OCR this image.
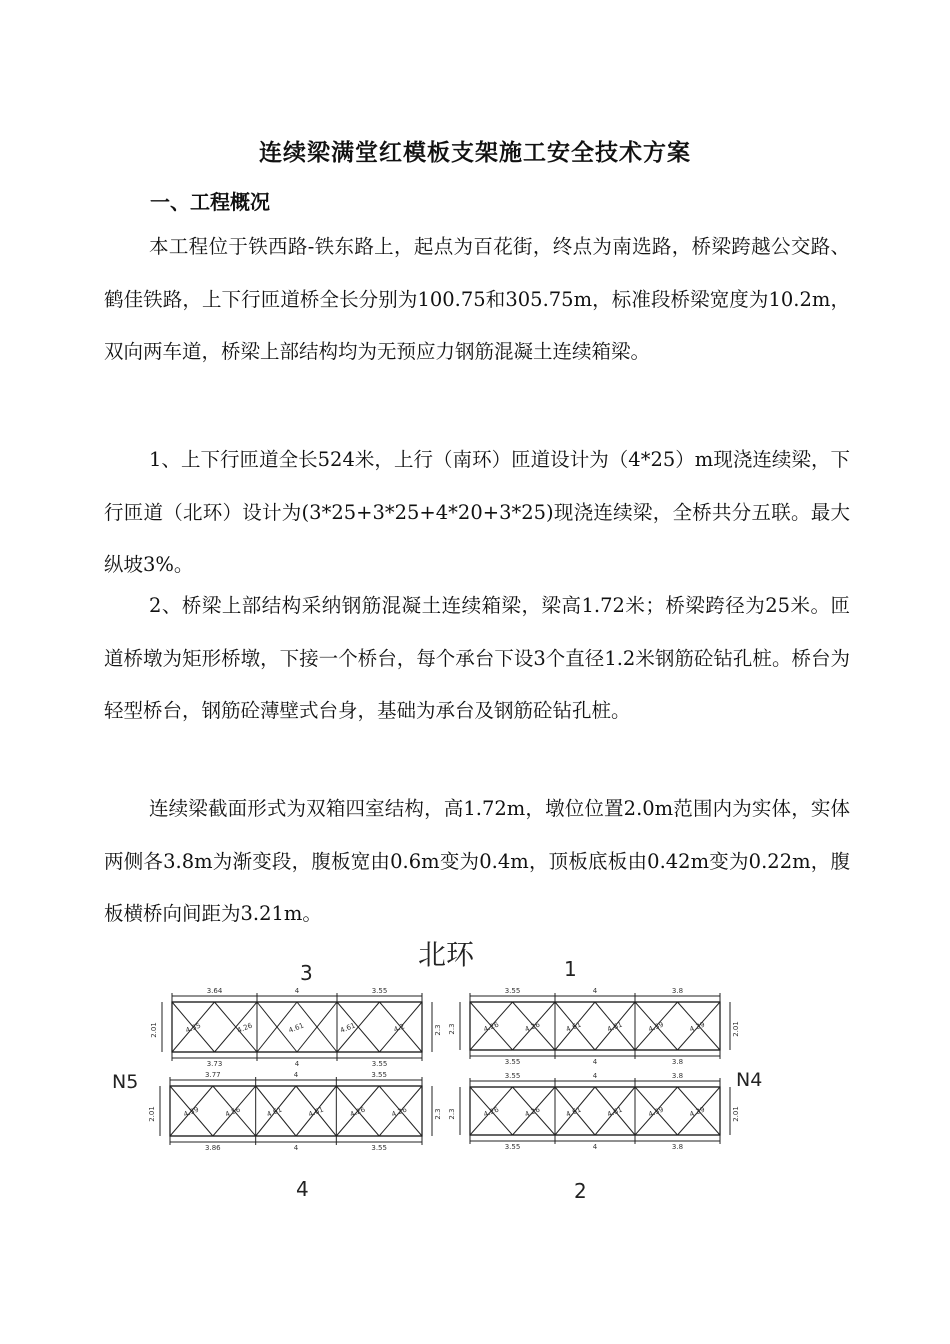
连续梁满堂红模板支架施工安全技术方案
一、工程概况

本工程位于铁西路-铁东路上，起点为百花街，终点为南选路，桥梁跨越公交路、鹤佳铁路，上下行匝道桥全长分别为100.75和305.75m，标准段桥梁宽度为10.2m，双向两车道，桥梁上部结构均为无预应力钢筋混凝土连续箱梁。

1、上下行匝道全长524米，上行（南环）匝道设计为（4*25）m现浇连续梁，下行匝道（北环）设计为(3*25+3*25+4*20+3*25)现浇连续梁，全桥共分五联。最大纵坡3%。

2、桥梁上部结构采纳钢筋混凝土连续箱梁，梁高1.72米；桥梁跨径为25米。匝道桥墩为矩形桥墩，下接一个桥台，每个承台下设3个直径1.2米钢筋砼钻孔桩。桥台为轻型桥台，钢筋砼薄壁式台身，基础为承台及钢筋砼钻孔桩。

连续梁截面形式为双箱四室结构，高1.72m，墩位位置2.0m范围内为实体，实体两侧各3.8m为渐变段，腹板宽由0.6m变为0.4m，顶板底板由0.42m变为0.22m，腹板横桥向间距为3.21m。

北环
3.64
3.73
4
4
3.55
3.55
4.35	4.26	4.61	4.61	4.2
2.01	2.3
3
3.55
3.55
4
4
3.8
3.8
4.26	4.26	4.61	4.61	4.39	4.39
2.3	2.01
1
3.77
3.86
4
4
3.55
3.55
4.39	4.56	4.61	4.61	4.26	4.26
2.01	2.3
4
N5	3.55
3.55
4
4
3.8
3.8
4.26	4.26	4.61	4.61	4.39	4.39
2.3	2.01
2
N4
